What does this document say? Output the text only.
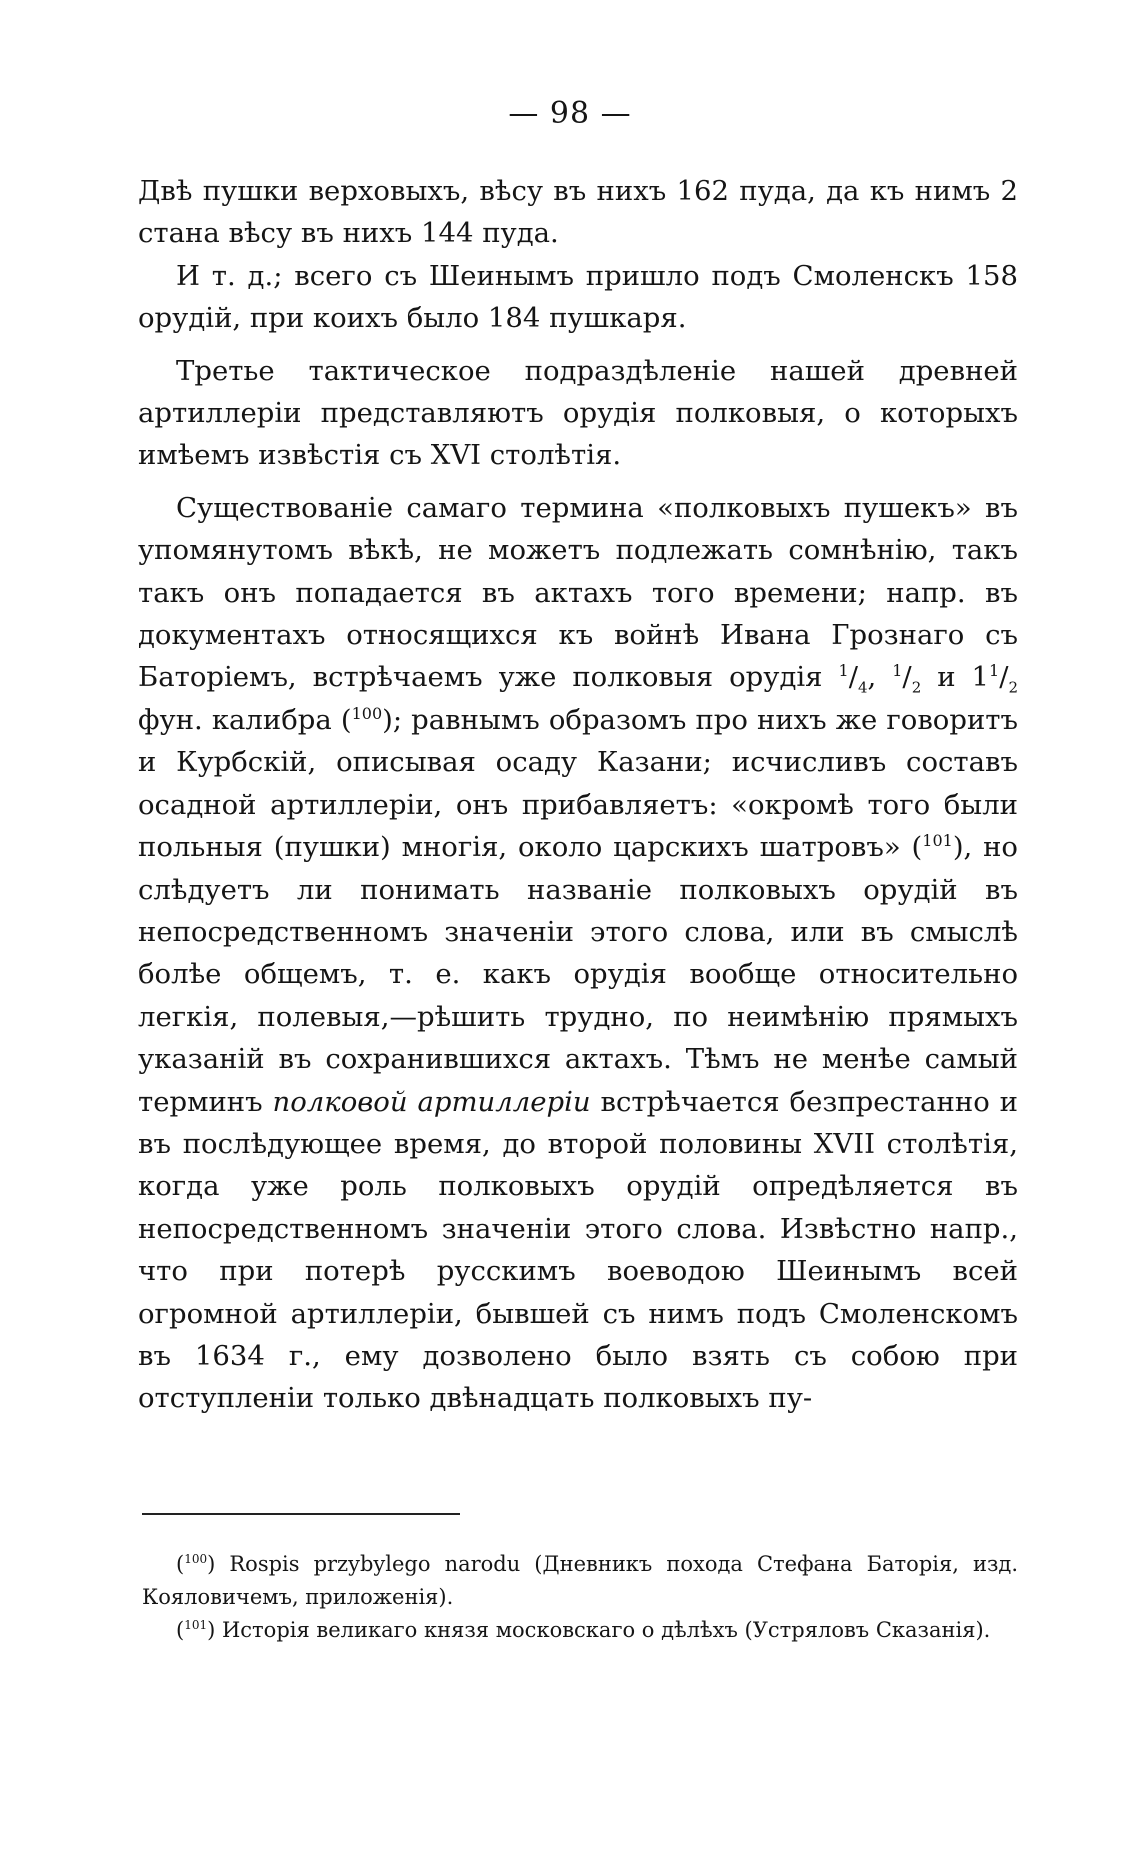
— 98 —

Двѣ пушки верховыхъ, вѣсу въ нихъ 162 пуда, да къ нимъ 2 стана вѣсу въ нихъ 144 пуда.

И т. д.; всего съ Шеинымъ пришло подъ Смоленскъ 158 орудій, при коихъ было 184 пушкаря.

Третье тактическое подраздѣленіе нашей древней артиллеріи представляютъ орудія полковыя, о которыхъ имѣемъ извѣстія съ XVI столѣтія.

Существованіе самаго термина «полковыхъ пушекъ» въ упомянутомъ вѣкѣ, не можетъ подлежать сомнѣнію, такъ такъ онъ попадается въ актахъ того времени; напр. въ документахъ относящихся къ войнѣ Ивана Грознаго съ Баторіемъ, встрѣчаемъ уже полковыя орудія $^1/_4$, $^1/_2$ и $1^1/_2$ фун. калибра ($^{100}$); равнымъ образомъ про нихъ же говоритъ и Курбскій, описывая осаду Казани; исчисливъ составъ осадной артиллеріи, онъ прибавляетъ: «окромѣ того были польныя (пушки) многія, около царскихъ шатровъ» ($^{101}$), но слѣдуетъ ли понимать названіе полковыхъ орудій въ непосредственномъ значеніи этого слова, или въ смыслѣ болѣе общемъ, т. е. какъ орудія вообще относительно легкія, полевыя,—рѣшить трудно, по неимѣнію прямыхъ указаній въ сохранившихся актахъ. Тѣмъ не менѣе самый терминъ полковой артиллеріи встрѣчается безпрестанно и въ послѣдующее время, до второй половины XVII столѣтія, когда уже роль полковыхъ орудій опредѣляется въ непосредственномъ значеніи этого слова. Извѣстно напр., что при потерѣ русскимъ воеводою Шеинымъ всей огромной артиллеріи, бывшей съ нимъ подъ Смоленскомъ въ 1634 г., ему дозволено было взять съ собою при отступленіи только двѣнадцать полковыхъ пу-

($^{100}$) Rospis przybylego narodu (Дневникъ похода Стефана Баторія, изд. Кояловичемъ, приложенія).

($^{101}$) Исторія великаго князя московскаго о дѣлѣхъ (Устряловъ Сказанія).
